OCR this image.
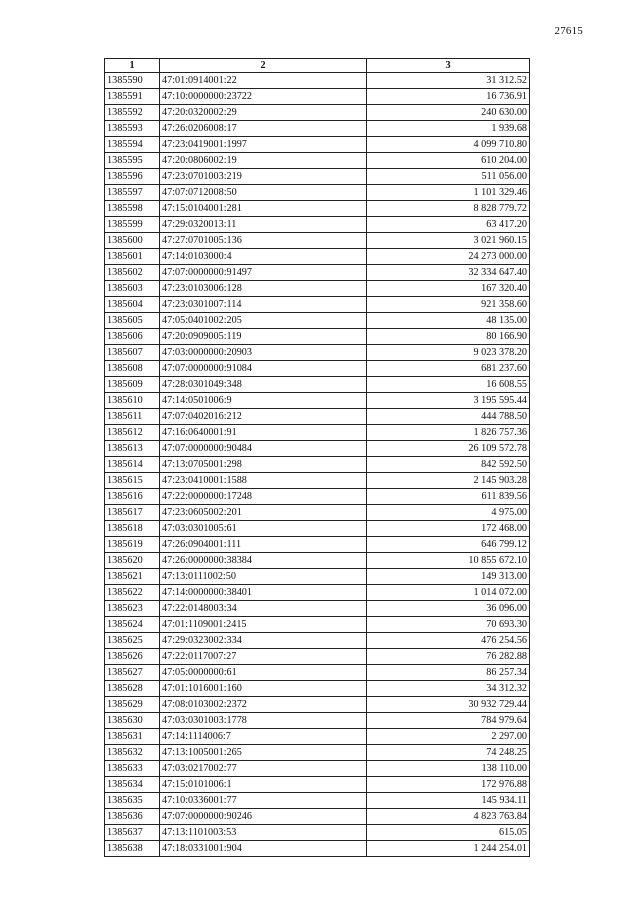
27615
1	2	3
1385590	47:01:0914001:22	31 312.52
1385591	47:10:0000000:23722	16 736.91
1385592	47:20:0320002:29	240 630.00
1385593	47:26:0206008:17	1 939.68
1385594	47:23:0419001:1997	4 099 710.80
1385595	47:20:0806002:19	610 204.00
1385596	47:23:0701003:219	511 056.00
1385597	47:07:0712008:50	1 101 329.46
1385598	47:15:0104001:281	8 828 779.72
1385599	47:29:0320013:11	63 417.20
1385600	47:27:0701005:136	3 021 960.15
1385601	47:14:0103000:4	24 273 000.00
1385602	47:07:0000000:91497	32 334 647.40
1385603	47:23:0103006:128	167 320.40
1385604	47:23:0301007:114	921 358.60
1385605	47:05:0401002:205	48 135.00
1385606	47:20:0909005:119	80 166.90
1385607	47:03:0000000:20903	9 023 378.20
1385608	47:07:0000000:91084	681 237.60
1385609	47:28:0301049:348	16 608.55
1385610	47:14:0501006:9	3 195 595.44
1385611	47:07:0402016:212	444 788.50
1385612	47:16:0640001:91	1 826 757.36
1385613	47:07:0000000:90484	26 109 572.78
1385614	47:13:0705001:298	842 592.50
1385615	47:23:0410001:1588	2 145 903.28
1385616	47:22:0000000:17248	611 839.56
1385617	47:23:0605002:201	4 975.00
1385618	47:03:0301005:61	172 468.00
1385619	47:26:0904001:111	646 799.12
1385620	47:26:0000000:38384	10 855 672.10
1385621	47:13:0111002:50	149 313.00
1385622	47:14:0000000:38401	1 014 072.00
1385623	47:22:0148003:34	36 096.00
1385624	47:01:1109001:2415	70 693.30
1385625	47:29:0323002:334	476 254.56
1385626	47:22:0117007:27	76 282.88
1385627	47:05:0000000:61	86 257.34
1385628	47:01:1016001:160	34 312.32
1385629	47:08:0103002:2372	30 932 729.44
1385630	47:03:0301003:1778	784 979.64
1385631	47:14:1114006:7	2 297.00
1385632	47:13:1005001:265	74 248.25
1385633	47:03:0217002:77	138 110.00
1385634	47:15:0101006:1	172 976.88
1385635	47:10:0336001:77	145 934.11
1385636	47:07:0000000:90246	4 823 763.84
1385637	47:13:1101003:53	615.05
1385638	47:18:0331001:904	1 244 254.01
